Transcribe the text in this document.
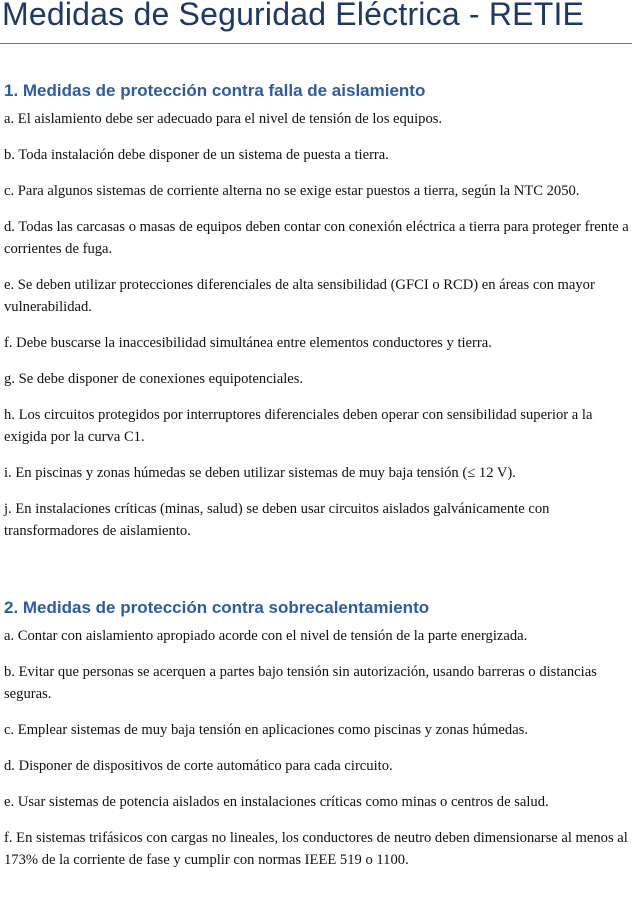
Medidas de Seguridad Eléctrica - RETIE
1. Medidas de protección contra falla de aislamiento

a. El aislamiento debe ser adecuado para el nivel de tensión de los equipos.

b. Toda instalación debe disponer de un sistema de puesta a tierra.

c. Para algunos sistemas de corriente alterna no se exige estar puestos a tierra, según la NTC 2050.

d. Todas las carcasas o masas de equipos deben contar con conexión eléctrica a tierra para proteger frente a corrientes de fuga.

e. Se deben utilizar protecciones diferenciales de alta sensibilidad (GFCI o RCD) en áreas con mayor vulnerabilidad.

f. Debe buscarse la inaccesibilidad simultánea entre elementos conductores y tierra.

g. Se debe disponer de conexiones equipotenciales.

h. Los circuitos protegidos por interruptores diferenciales deben operar con sensibilidad superior a la exigida por la curva C1.

i. En piscinas y zonas húmedas se deben utilizar sistemas de muy baja tensión (≤ 12 V).

j. En instalaciones críticas (minas, salud) se deben usar circuitos aislados galvánicamente con transformadores de aislamiento.

2. Medidas de protección contra sobrecalentamiento

a. Contar con aislamiento apropiado acorde con el nivel de tensión de la parte energizada.

b. Evitar que personas se acerquen a partes bajo tensión sin autorización, usando barreras o distancias seguras.

c. Emplear sistemas de muy baja tensión en aplicaciones como piscinas y zonas húmedas.

d. Disponer de dispositivos de corte automático para cada circuito.

e. Usar sistemas de potencia aislados en instalaciones críticas como minas o centros de salud.

f. En sistemas trifásicos con cargas no lineales, los conductores de neutro deben dimensionarse al menos al 173% de la corriente de fase y cumplir con normas IEEE 519 o 1100.
